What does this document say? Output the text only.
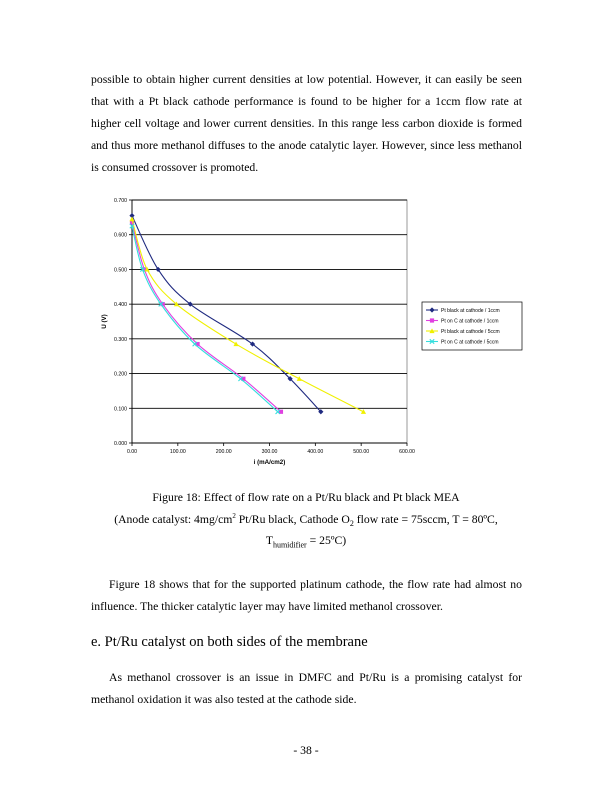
possible to obtain higher current densities at low potential. However, it can easily be seen that with a Pt black cathode performance is found to be higher for a 1ccm flow rate at higher cell voltage and lower current densities. In this range less carbon dioxide is formed and thus more methanol diffuses to the anode catalytic layer. However, since less methanol is consumed crossover is promoted.

0.000
0.100
0.200
0.300
0.400
0.500
0.600
0.700
0.00	100.00	200.00	300.00	400.00	500.00	600.00
i (mA/cm2)
U (V)
Pt black at cathode / 1ccm
Pt on C at cathode / 1ccm
Pt black at cathode / 5ccm
Pt on C at cathode / 5ccm

Figure 18: Effect of flow rate on a Pt/Ru black and Pt black MEA

(Anode catalyst: $4mg/cm^2$ Pt/Ru black, Cathode $O_2$ flow rate = 75sccm, T = 80ºC,

$T_{humidifier}$ = 25ºC)

Figure 18 shows that for the supported platinum cathode, the flow rate had almost no influence. The thicker catalytic layer may have limited methanol crossover.

e. Pt/Ru catalyst on both sides of the membrane

As methanol crossover is an issue in DMFC and Pt/Ru is a promising catalyst for methanol oxidation it was also tested at the cathode side.

- 38 -
